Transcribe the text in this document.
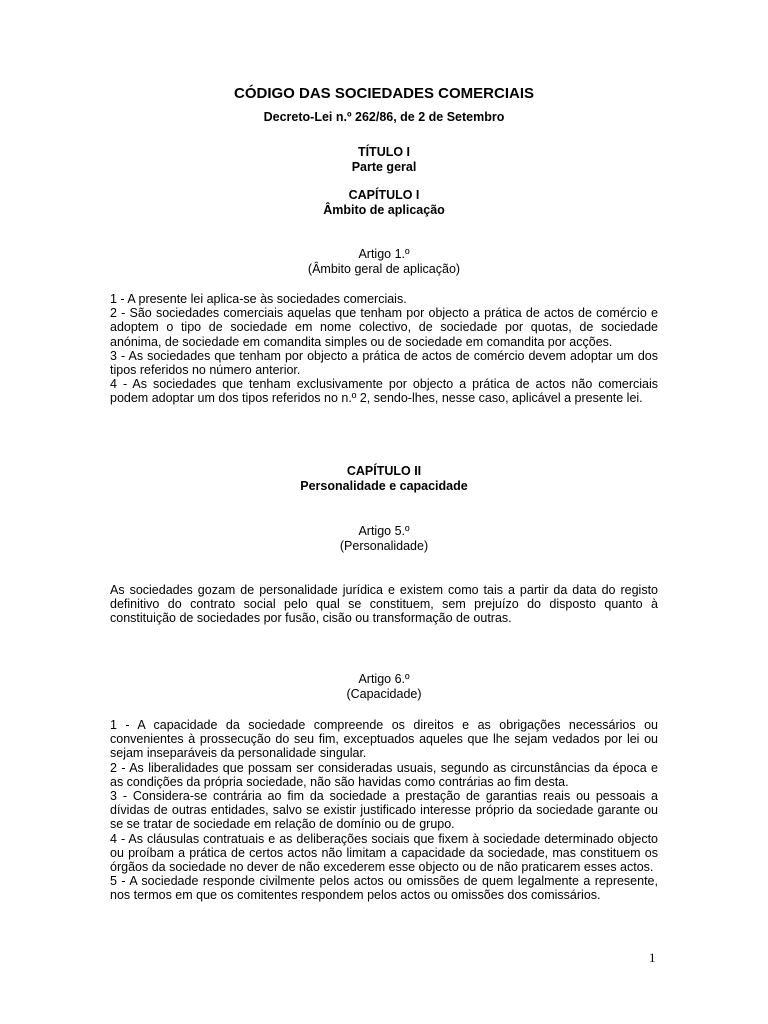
CÓDIGO DAS SOCIEDADES COMERCIAIS

Decreto-Lei n.º 262/86, de 2 de Setembro

TÍTULO I

Parte geral

CAPÍTULO I

Âmbito de aplicação

Artigo 1.º

(Âmbito geral de aplicação)

1 - A presente lei aplica-se às sociedades comerciais.

2 - São sociedades comerciais aquelas que tenham por objecto a prática de actos de comércio e adoptem o tipo de sociedade em nome colectivo, de sociedade por quotas, de sociedade anónima, de sociedade em comandita simples ou de sociedade em comandita por acções.

3 - As sociedades que tenham por objecto a prática de actos de comércio devem adoptar um dos tipos referidos no número anterior.

4 - As sociedades que tenham exclusivamente por objecto a prática de actos não comerciais podem adoptar um dos tipos referidos no n.º 2, sendo-lhes, nesse caso, aplicável a presente lei.

CAPÍTULO II

Personalidade e capacidade

Artigo 5.º

(Personalidade)

As sociedades gozam de personalidade jurídica e existem como tais a partir da data do registo definitivo do contrato social pelo qual se constituem, sem prejuízo do disposto quanto à constituição de sociedades por fusão, cisão ou transformação de outras.

Artigo 6.º

(Capacidade)

1 - A capacidade da sociedade compreende os direitos e as obrigações necessários ou convenientes à prossecução do seu fim, exceptuados aqueles que lhe sejam vedados por lei ou sejam inseparáveis da personalidade singular.

2 - As liberalidades que possam ser consideradas usuais, segundo as circunstâncias da época e as condições da própria sociedade, não são havidas como contrárias ao fim desta.

3 - Considera-se contrária ao fim da sociedade a prestação de garantias reais ou pessoais a dívidas de outras entidades, salvo se existir justificado interesse próprio da sociedade garante ou se se tratar de sociedade em relação de domínio ou de grupo.

4 - As cláusulas contratuais e as deliberações sociais que fixem à sociedade determinado objecto ou proíbam a prática de certos actos não limitam a capacidade da sociedade, mas constituem os órgãos da sociedade no dever de não excederem esse objecto ou de não praticarem esses actos.

5 - A sociedade responde civilmente pelos actos ou omissões de quem legalmente a represente, nos termos em que os comitentes respondem pelos actos ou omissões dos comissários.

1
